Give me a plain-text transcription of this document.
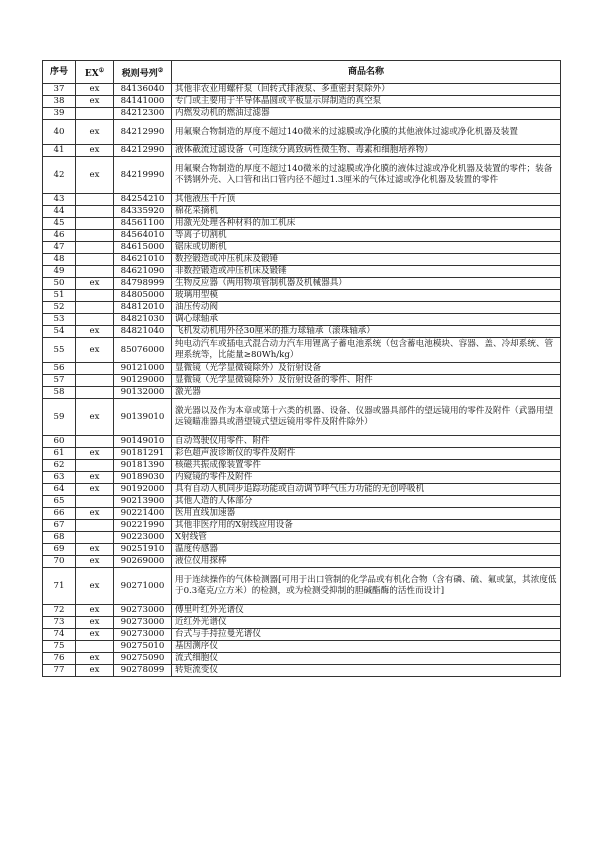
序号	EX①	税则号列②	商品名称
37	ex	84136040	其他非农业用螺杆泵（回转式排液泵、多重密封泵除外）
38	ex	84141000	专门或主要用于半导体晶圆或平板显示屏制造的真空泵
39		84212300	内燃发动机的燃油过滤器
40	ex	84212990	用氟聚合物制造的厚度不超过140微米的过滤膜或净化膜的其他液体过滤或净化机器及装置
41	ex	84212990	液体截流过滤设备（可连续分离致病性微生物、毒素和细胞培养物）
42	ex	84219990	用氟聚合物制造的厚度不超过140微米的过滤膜或净化膜的液体过滤或净化机器及装置的零件；装备不锈钢外壳、入口管和出口管内径不超过1.3厘米的气体过滤或净化机器及装置的零件
43		84254210	其他液压千斤顶
44		84335920	棉花采摘机
45		84561100	用激光处理各种材料的加工机床
46		84564010	等离子切割机
47		84615000	锯床或切断机
48		84621010	数控锻造或冲压机床及锻锤
49		84621090	非数控锻造或冲压机床及锻锤
50	ex	84798999	生物反应器（两用物项管制机器及机械器具）
51		84805000	玻璃用型模
52		84812010	油压传动阀
53		84821030	调心球轴承
54	ex	84821040	飞机发动机用外径30厘米的推力球轴承（滚珠轴承）
55	ex	85076000	纯电动汽车或插电式混合动力汽车用锂离子蓄电池系统（包含蓄电池模块、容器、盖、冷却系统、管理系统等，比能量≥80Wh/kg）
56		90121000	显微镜（光学显微镜除外）及衍射设备
57		90129000	显微镜（光学显微镜除外）及衍射设备的零件、附件
58		90132000	激光器
59	ex	90139010	激光器以及作为本章或第十六类的机器、设备、仪器或器具部件的望远镜用的零件及附件（武器用望远镜瞄准器具或潜望镜式望远镜用零件及附件除外）
60		90149010	自动驾驶仪用零件、附件
61	ex	90181291	彩色超声波诊断仪的零件及附件
62		90181390	核磁共振成像装置零件
63	ex	90189030	内窥镜的零件及附件
64	ex	90192000	具有自动人机同步追踪功能或自动调节呼气压力功能的无创呼吸机
65		90213900	其他人造的人体部分
66	ex	90221400	医用直线加速器
67		90221990	其他非医疗用的X射线应用设备
68		90223000	X射线管
69	ex	90251910	温度传感器
70	ex	90269000	液位仪用探棒
71	ex	90271000	用于连续操作的气体检测器[可用于出口管制的化学品或有机化合物（含有磷、硫、氟或氯，其浓度低于0.3毫克/立方米）的检测，或为检测受抑制的胆碱酯酶的活性而设计]
72	ex	90273000	傅里叶红外光谱仪
73	ex	90273000	近红外光谱仪
74	ex	90273000	台式与手持拉曼光谱仪
75		90275010	基因测序仪
76	ex	90275090	流式细胞仪
77	ex	90278099	转矩流变仪
